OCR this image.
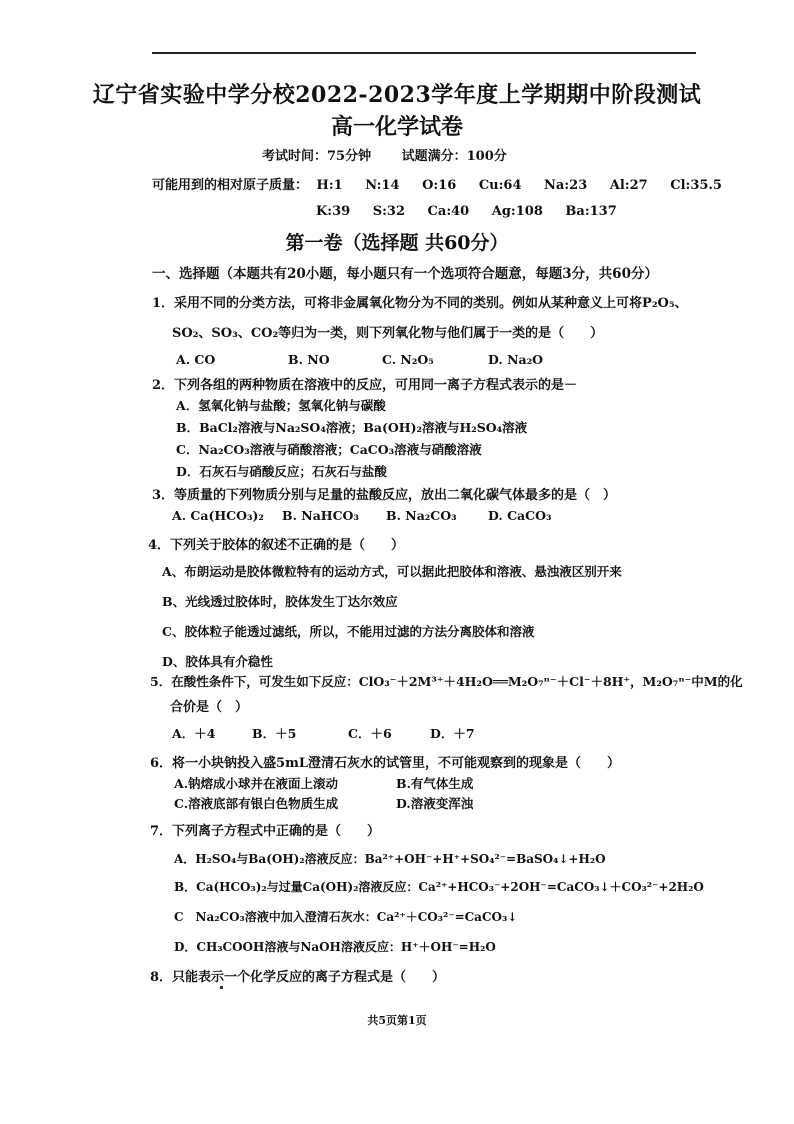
辽宁省实验中学分校2022-2023学年度上学期期中阶段测试
高一化学试卷
考试时间：75分钟 试题满分：100分
可能用到的相对原子质量： H:1 N:14 O:16 Cu:64 Na:23 Al:27 Cl:35.5
K:39 S:32 Ca:40 Ag:108 Ba:137
第一卷（选择题 共60分）
一、选择题（本题共有20小题，每小题只有一个选项符合题意，每题3分，共60分）
1．采用不同的分类方法，可将非金属氧化物分为不同的类别。例如从某种意义上可将P₂O₅、
SO₂、SO₃、CO₂等归为一类，则下列氧化物与他们属于一类的是（　　）
A. CO	B. NO	C. N₂O₅	D. Na₂O
2．下列各组的两种物质在溶液中的反应，可用同一离子方程式表示的是－
A．氢氧化钠与盐酸；氢氧化钠与碳酸
B．BaCl₂溶液与Na₂SO₄溶液；Ba(OH)₂溶液与H₂SO₄溶液
C．Na₂CO₃溶液与硝酸溶液；CaCO₃溶液与硝酸溶液
D．石灰石与硝酸反应；石灰石与盐酸
3．等质量的下列物质分别与足量的盐酸反应，放出二氧化碳气体最多的是（　）
A. Ca(HCO₃)₂ B. NaHCO₃ B. Na₂CO₃	D. CaCO₃
4．下列关于胶体的叙述不正确的是（　　）
A、布朗运动是胶体微粒特有的运动方式，可以据此把胶体和溶液、悬浊液区别开来
B、光线透过胶体时，胶体发生丁达尔效应
C、胶体粒子能透过滤纸，所以，不能用过滤的方法分离胶体和溶液
D、胶体具有介稳性
5．在酸性条件下，可发生如下反应：ClO₃⁻＋2M³⁺＋4H₂O══M₂O₇ⁿ⁻＋Cl⁻＋8H⁺，M₂O₇ⁿ⁻中M的化
合价是（　）
A．＋4	B．＋5	C．＋6	D．＋7
6．将一小块钠投入盛5mL澄清石灰水的试管里，不可能观察到的现象是（　　）
A.钠熔成小球并在液面上滚动	B.有气体生成
C.溶液底部有银白色物质生成	D.溶液变浑浊
7．下列离子方程式中正确的是（　　）
A．H₂SO₄与Ba(OH)₂溶液反应：Ba²⁺+OH⁻+H⁺+SO₄²⁻=BaSO₄↓+H₂O
B．Ca(HCO₃)₂与过量Ca(OH)₂溶液反应：Ca²⁺+HCO₃⁻+2OH⁻=CaCO₃↓＋CO₃²⁻+2H₂O
C　Na₂CO₃溶液中加入澄清石灰水：Ca²⁺＋CO₃²⁻=CaCO₃↓
D．CH₃COOH溶液与NaOH溶液反应：H⁺＋OH⁻=H₂O
8．只能表示一个化学反应的离子方程式是（　　）
共5页第1页
